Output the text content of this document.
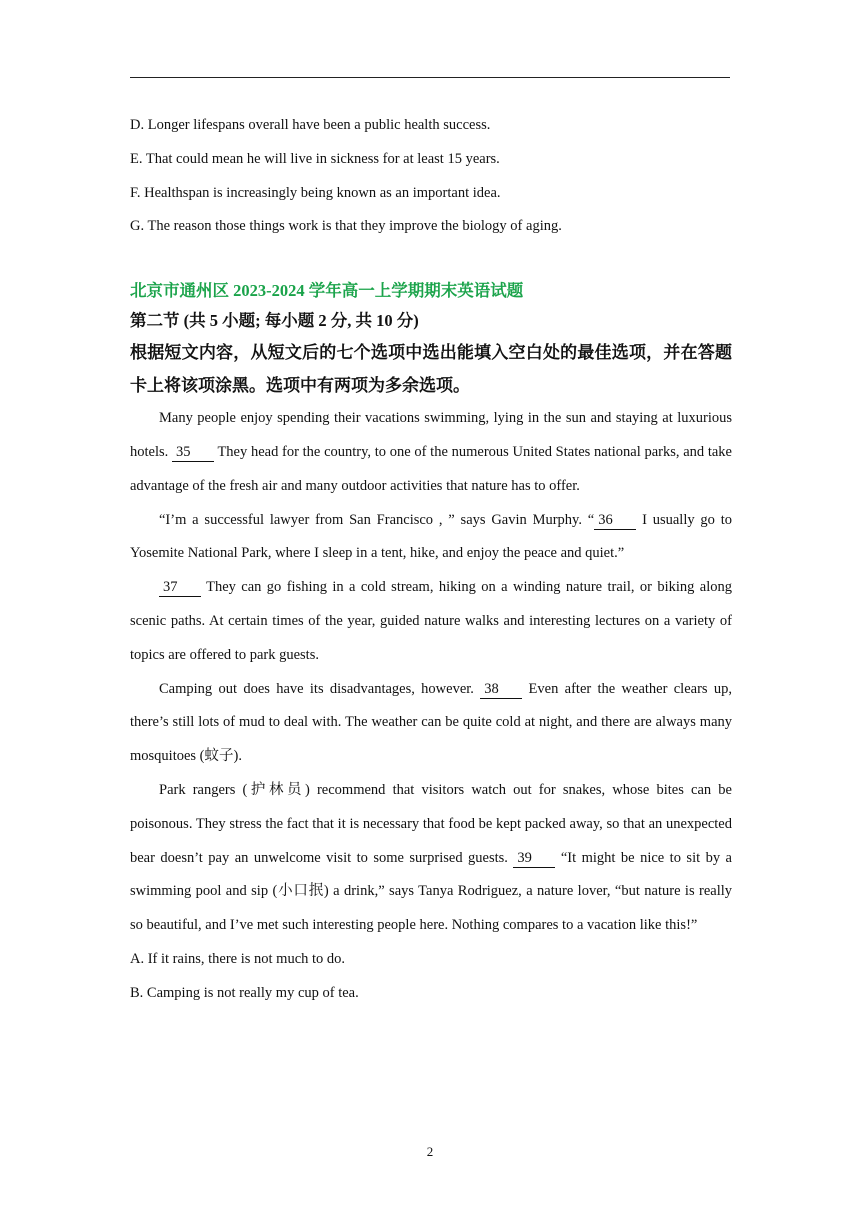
D. Longer lifespans overall have been a public health success.

E. That could mean he will live in sickness for at least 15 years.

F. Healthspan is increasingly being known as an important idea.

G. The reason those things work is that they improve the biology of aging.

北京市通州区 2023-2024 学年高一上学期期末英语试题
第二节 (共 5 小题; 每小题 2 分, 共 10 分)

根据短文内容，从短文后的七个选项中选出能填入空白处的最佳选项，并在答题卡上将该项涂黑。选项中有两项为多余选项。

Many people enjoy spending their vacations swimming, lying in the sun and staying at luxurious hotels. 35 They head for the country, to one of the numerous United States national parks, and take advantage of the fresh air and many outdoor activities that nature has to offer.

“I’m a successful lawyer from San Francisco , ” says Gavin Murphy. “ 36 I usually go to Yosemite National Park, where I sleep in a tent, hike, and enjoy the peace and quiet.”

37 They can go fishing in a cold stream, hiking on a winding nature trail, or biking along scenic paths. At certain times of the year, guided nature walks and interesting lectures on a variety of topics are offered to park guests.

Camping out does have its disadvantages, however. 38 Even after the weather clears up, there’s still lots of mud to deal with. The weather can be quite cold at night, and there are always many mosquitoes (蚊子).

Park rangers (护林员) recommend that visitors watch out for snakes, whose bites can be poisonous. They stress the fact that it is necessary that food be kept packed away, so that an unexpected bear doesn’t pay an unwelcome visit to some surprised guests. 39 “It might be nice to sit by a swimming pool and sip (小口抿) a drink,” says Tanya Rodriguez, a nature lover, “but nature is really so beautiful, and I’ve met such interesting people here. Nothing compares to a vacation like this!”

A. If it rains, there is not much to do.

B. Camping is not really my cup of tea.

2
